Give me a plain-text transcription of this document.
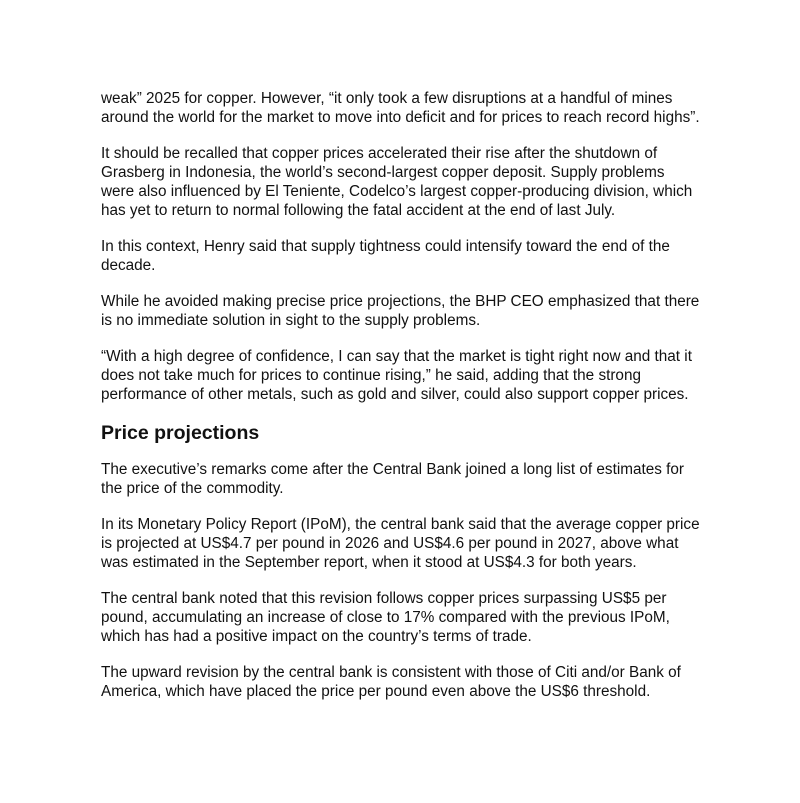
weak” 2025 for copper. However, “it only took a few disruptions at a handful of mines around the world for the market to move into deficit and for prices to reach record highs”.

It should be recalled that copper prices accelerated their rise after the shutdown of Grasberg in Indonesia, the world’s second-largest copper deposit. Supply problems were also influenced by El Teniente, Codelco’s largest copper-producing division, which has yet to return to normal following the fatal accident at the end of last July.

In this context, Henry said that supply tightness could intensify toward the end of the decade.

While he avoided making precise price projections, the BHP CEO emphasized that there is no immediate solution in sight to the supply problems.

“With a high degree of confidence, I can say that the market is tight right now and that it does not take much for prices to continue rising,” he said, adding that the strong performance of other metals, such as gold and silver, could also support copper prices.

Price projections

The executive’s remarks come after the Central Bank joined a long list of estimates for the price of the commodity.

In its Monetary Policy Report (IPoM), the central bank said that the average copper price is projected at US$4.7 per pound in 2026 and US$4.6 per pound in 2027, above what was estimated in the September report, when it stood at US$4.3 for both years.

The central bank noted that this revision follows copper prices surpassing US$5 per pound, accumulating an increase of close to 17% compared with the previous IPoM, which has had a positive impact on the country’s terms of trade.

The upward revision by the central bank is consistent with those of Citi and/or Bank of America, which have placed the price per pound even above the US$6 threshold.
